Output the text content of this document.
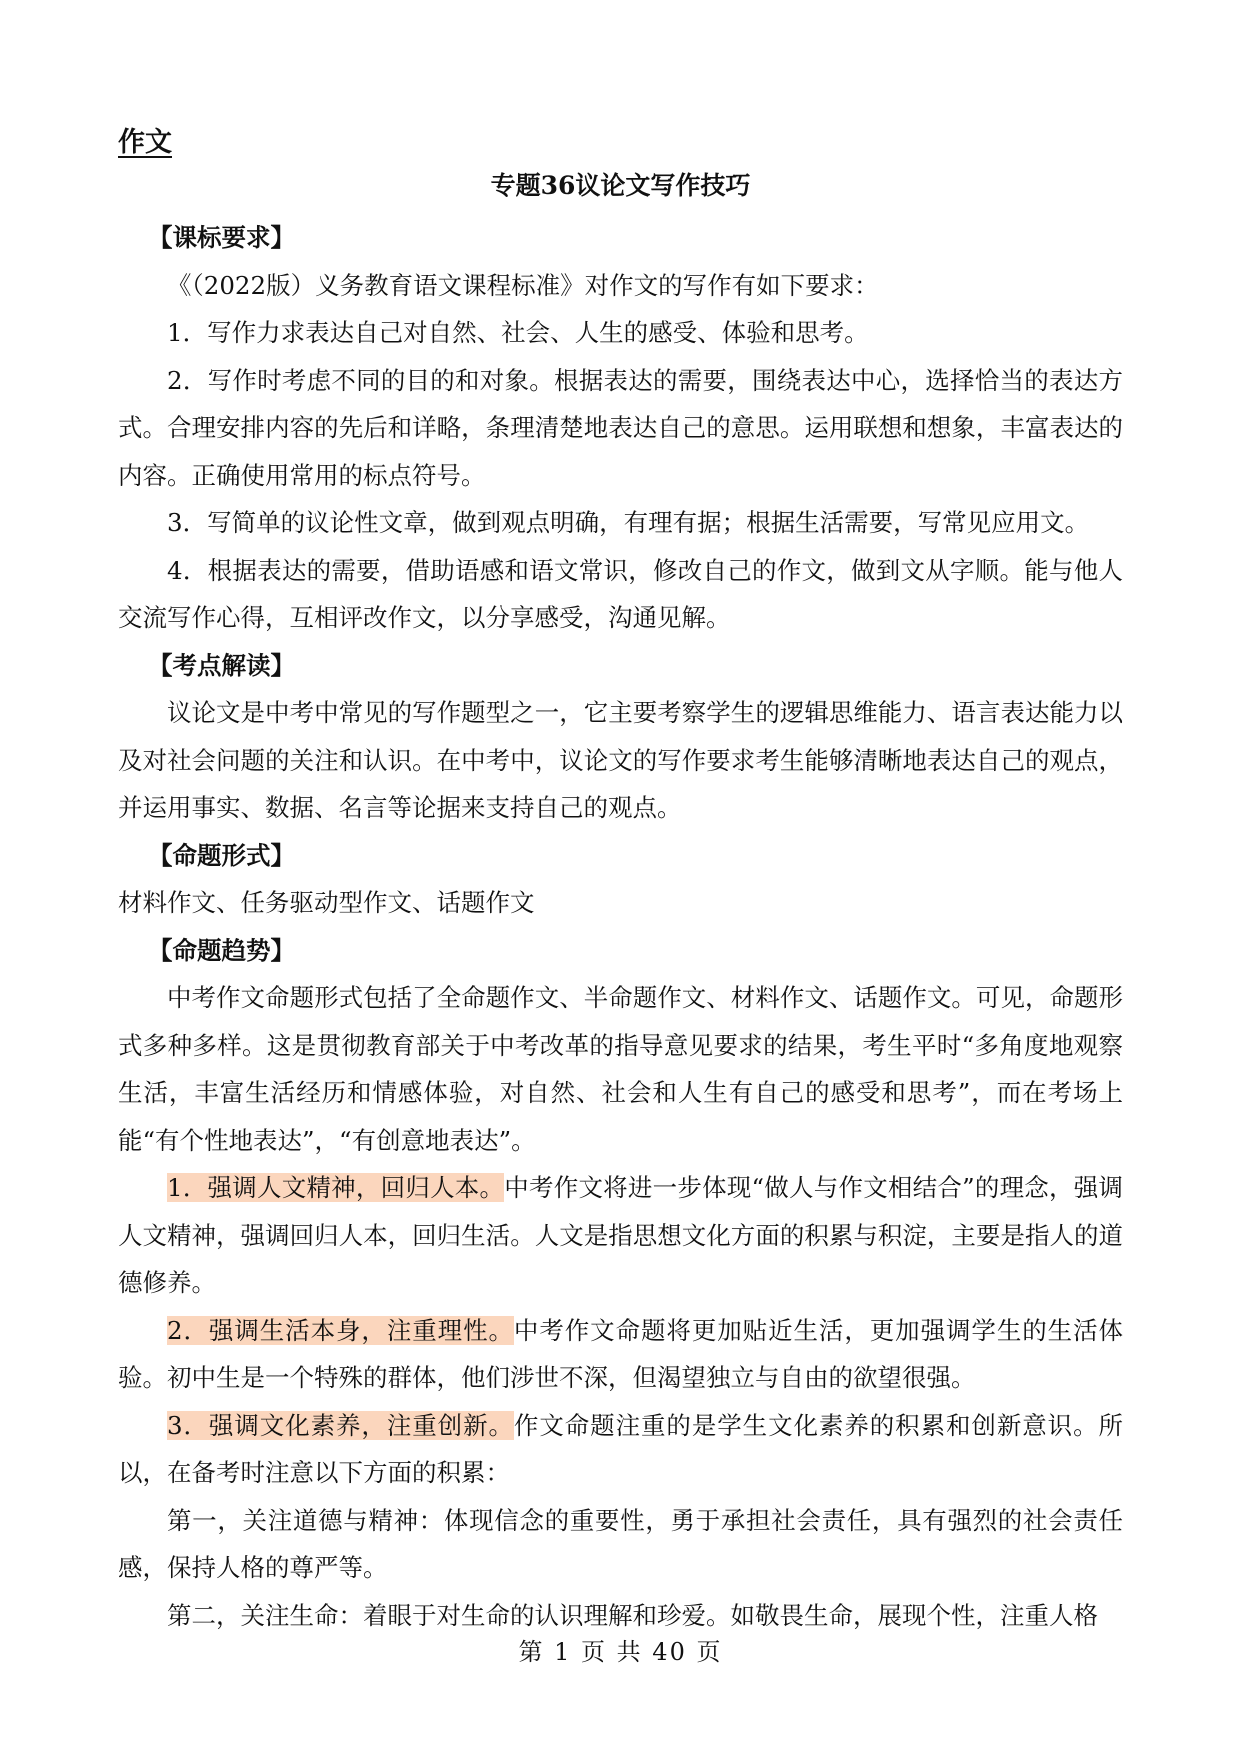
作文
专题36议论文写作技巧

【课标要求】

《（2022版）义务教育语文课程标准》对作文的写作有如下要求：

1．写作力求表达自己对自然、社会、人生的感受、体验和思考。

2．写作时考虑不同的目的和对象。根据表达的需要，围绕表达中心，选择恰当的表达方式。合理安排内容的先后和详略，条理清楚地表达自己的意思。运用联想和想象，丰富表达的内容。正确使用常用的标点符号。

3．写简单的议论性文章，做到观点明确，有理有据；根据生活需要，写常见应用文。

4．根据表达的需要，借助语感和语文常识，修改自己的作文，做到文从字顺。能与他人交流写作心得，互相评改作文，以分享感受，沟通见解。

【考点解读】

议论文是中考中常见的写作题型之一，它主要考察学生的逻辑思维能力、语言表达能力以及对社会问题的关注和认识。在中考中，议论文的写作要求考生能够清晰地表达自己的观点，并运用事实、数据、名言等论据来支持自己的观点。

【命题形式】

材料作文、任务驱动型作文、话题作文

【命题趋势】

中考作文命题形式包括了全命题作文、半命题作文、材料作文、话题作文。可见，命题形式多种多样。这是贯彻教育部关于中考改革的指导意见要求的结果，考生平时“多角度地观察生活，丰富生活经历和情感体验，对自然、社会和人生有自己的感受和思考”，而在考场上能“有个性地表达”，“有创意地表达”。

1．强调人文精神，回归人本。中考作文将进一步体现“做人与作文相结合”的理念，强调人文精神，强调回归人本，回归生活。人文是指思想文化方面的积累与积淀，主要是指人的道德修养。

2．强调生活本身，注重理性。中考作文命题将更加贴近生活，更加强调学生的生活体验。初中生是一个特殊的群体，他们涉世不深，但渴望独立与自由的欲望很强。

3．强调文化素养，注重创新。作文命题注重的是学生文化素养的积累和创新意识。所以，在备考时注意以下方面的积累：

第一，关注道德与精神：体现信念的重要性，勇于承担社会责任，具有强烈的社会责任感，保持人格的尊严等。

第二，关注生命：着眼于对生命的认识理解和珍爱。如敬畏生命，展现个性，注重人格

第 1 页 共 40 页
